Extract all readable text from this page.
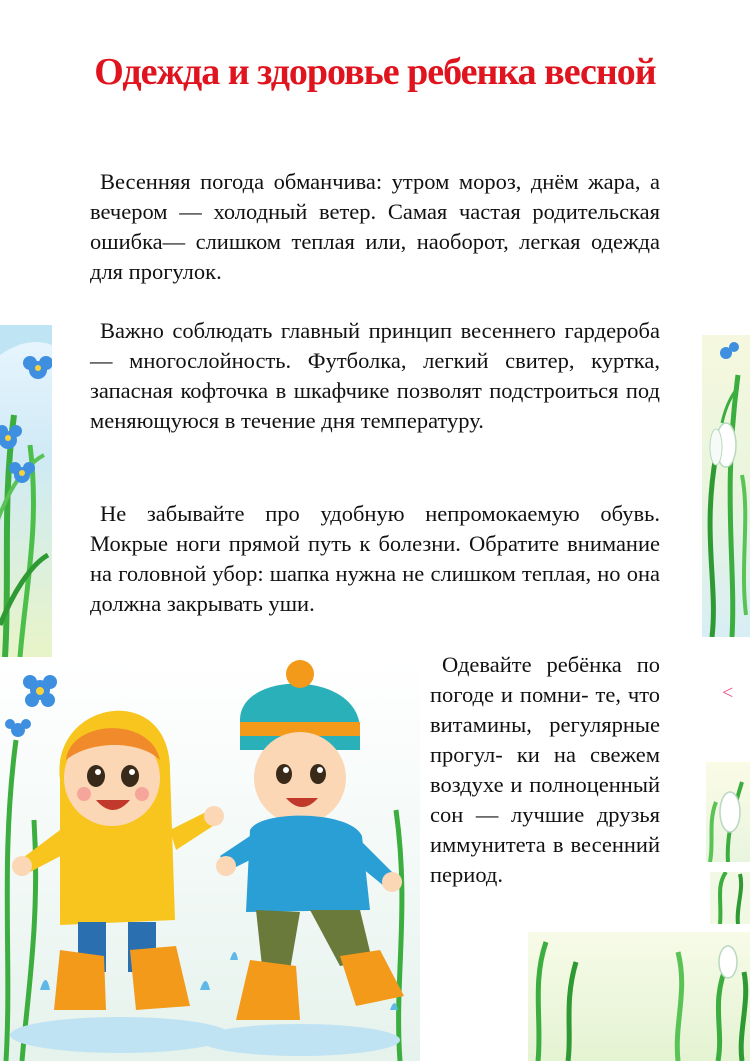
Одежда и здоровье ребенка весной

Весенняя погода обманчива: утром мороз, днём жара, а вечером — холодный ветер. Самая частая родительская ошибка— слишком теплая или, наоборот, легкая одежда для прогулок.

Важно соблюдать главный принцип весеннего гардероба — многослойность. Футболка, легкий свитер, куртка, запасная кофточка в шкафчике позволят подстроиться под меняющуюся в течение дня температуру.

Не забывайте про удобную непромокаемую обувь. Мокрые ноги прямой путь к болезни. Обратите внимание на головной убор: шапка нужна не слишком теплая, но она должна закрывать уши.

Одевайте ребёнка по погоде и помни- те, что витамины, регулярные прогул- ки на свежем воздухе и полноценный сон — лучшие друзья иммунитета в весенний период.

<
